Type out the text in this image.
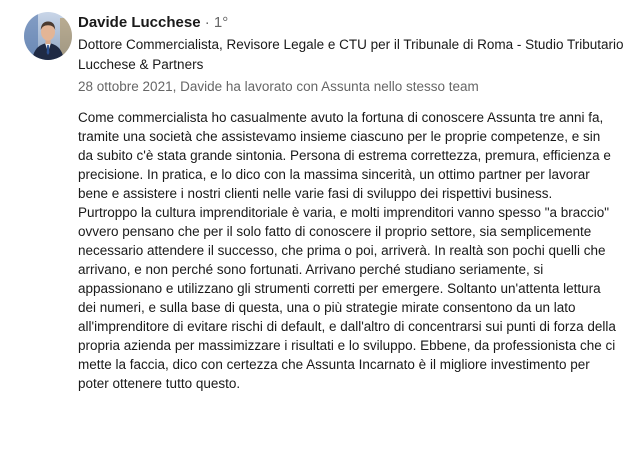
Davide Lucchese · 1°
Dottore Commercialista, Revisore Legale e CTU per il Tribunale di Roma - Studio Tributario Lucchese & Partners
28 ottobre 2021, Davide ha lavorato con Assunta nello stesso team

Come commercialista ho casualmente avuto la fortuna di conoscere Assunta tre anni fa, tramite una società che assistevamo insieme ciascuno per le proprie competenze, e sin da subito c'è stata grande sintonia. Persona di estrema correttezza, premura, efficienza e precisione. In pratica, e lo dico con la massima sincerità, un ottimo partner per lavorar bene e assistere i nostri clienti nelle varie fasi di sviluppo dei rispettivi business.

Purtroppo la cultura imprenditoriale è varia, e molti imprenditori vanno spesso "a braccio" ovvero pensano che per il solo fatto di conoscere il proprio settore, sia semplicemente necessario attendere il successo, che prima o poi, arriverà. In realtà son pochi quelli che arrivano, e non perché sono fortunati. Arrivano perché studiano seriamente, si appassionano e utilizzano gli strumenti corretti per emergere. Soltanto un'attenta lettura dei numeri, e sulla base di questa, una o più strategie mirate consentono da un lato all'imprenditore di evitare rischi di default, e dall'altro di concentrarsi sui punti di forza della propria azienda per massimizzare i risultati e lo sviluppo. Ebbene, da professionista che ci mette la faccia, dico con certezza che Assunta Incarnato è il migliore investimento per poter ottenere tutto questo.
